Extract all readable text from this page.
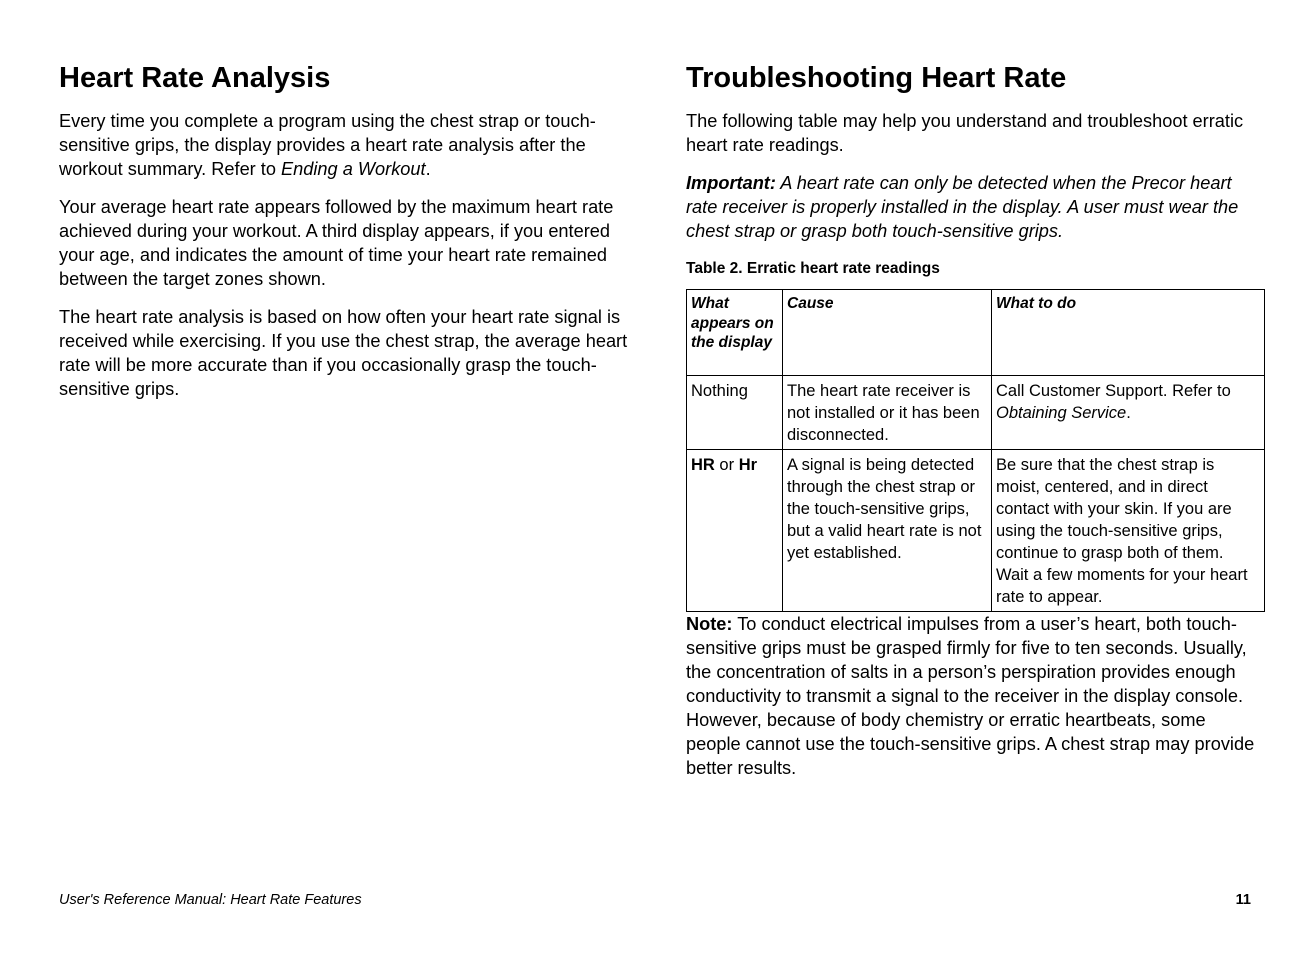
Heart Rate Analysis

Every time you complete a program using the chest strap or touch-sensitive grips, the display provides a heart rate analysis after the workout summary. Refer to Ending a Workout.

Your average heart rate appears followed by the maximum heart rate achieved during your workout. A third display appears, if you entered your age, and indicates the amount of time your heart rate remained between the target zones shown.

The heart rate analysis is based on how often your heart rate signal is received while exercising. If you use the chest strap, the average heart rate will be more accurate than if you occasionally grasp the touch-sensitive grips.

Troubleshooting Heart Rate

The following table may help you understand and troubleshoot erratic heart rate readings.

Important: A heart rate can only be detected when the Precor heart rate receiver is properly installed in the display. A user must wear the chest strap or grasp both touch-sensitive grips.

Table 2. Erratic heart rate readings
What appears on the display	Cause	What to do
Nothing	The heart rate receiver is not installed or it has been disconnected.	Call Customer Support. Refer to Obtaining Service.
HR or Hr	A signal is being detected through the chest strap or the touch-sensitive grips, but a valid heart rate is not yet established.	Be sure that the chest strap is moist, centered, and in direct contact with your skin. If you are using the touch-sensitive grips, continue to grasp both of them. Wait a few moments for your heart rate to appear.

Note: To conduct electrical impulses from a user’s heart, both touch-sensitive grips must be grasped firmly for five to ten seconds. Usually, the concentration of salts in a person’s perspiration provides enough conductivity to transmit a signal to the receiver in the display console. However, because of body chemistry or erratic heartbeats, some people cannot use the touch-sensitive grips. A chest strap may provide better results.

User's Reference Manual: Heart Rate Features	11
